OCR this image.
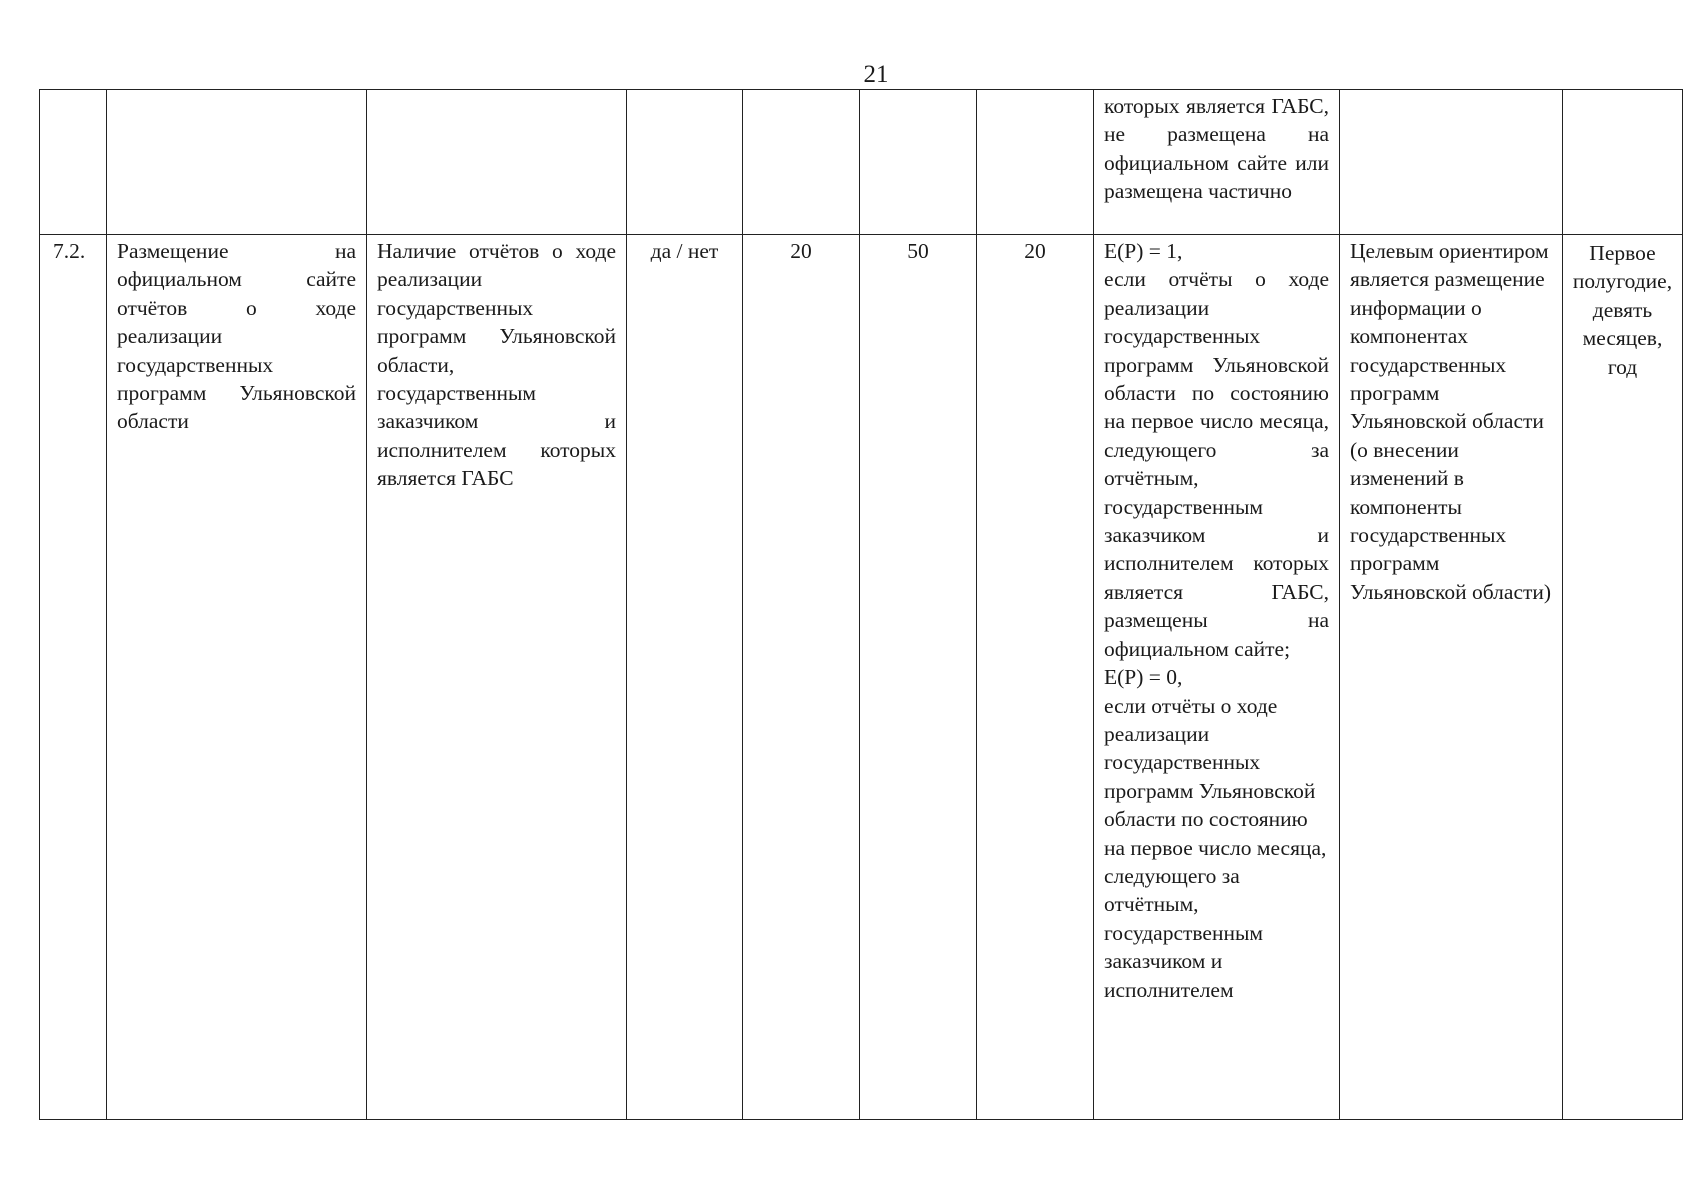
21
							которых является ГАБС, не размещена на официальном сайте или размещена частично		
7.2.	Размещение на официальном сайте отчётов о ходе реализации государственных программ Ульяновской области	Наличие отчётов о ходе реализации государственных программ Ульяновской области, государственным заказчиком и исполнителем которых является ГАБС	да / нет	20	50	20	E(P) = 1,
если отчёты о ходе реализации государственных программ Ульяновской области по состоянию на первое число месяца, следующего за отчётным, государственным заказчиком и исполнителем которых является ГАБС, размещены на официальном сайте;
E(P) = 0,
если отчёты о ходе реализации государственных программ Ульяновской области по состоянию на первое число месяца, следующего за отчётным, государственным заказчиком и исполнителем	Целевым ориентиром является размещение информации о компонентах государственных программ Ульяновской области (о внесении изменений в компоненты государственных программ Ульяновской области)	Первое полугодие, девять месяцев, год
